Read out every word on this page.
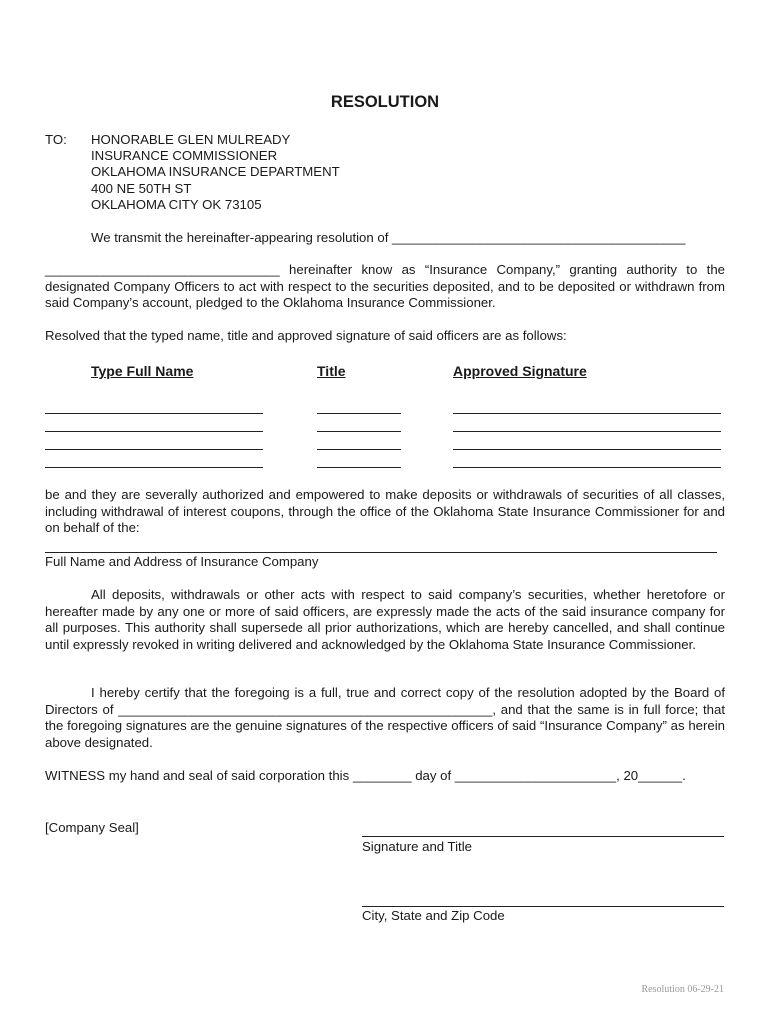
RESOLUTION
TO: HONORABLE GLEN MULREADY
INSURANCE COMMISSIONER
OKLAHOMA INSURANCE DEPARTMENT
400 NE 50TH ST
OKLAHOMA CITY OK 73105
We transmit the hereinafter-appearing resolution of ________________________________________
________________________________ hereinafter know as “Insurance Company,” granting authority to the designated Company Officers to act with respect to the securities deposited, and to be deposited or withdrawn from said Company’s account, pledged to the Oklahoma Insurance Commissioner.
Resolved that the typed name, title and approved signature of said officers are as follows:
Type Full Name	Title	Approved Signature
be and they are severally authorized and empowered to make deposits or withdrawals of securities of all classes, including withdrawal of interest coupons, through the office of the Oklahoma State Insurance Commissioner for and on behalf of the:
Full Name and Address of Insurance Company
All deposits, withdrawals or other acts with respect to said company’s securities, whether heretofore or hereafter made by any one or more of said officers, are expressly made the acts of the said insurance company for all purposes. This authority shall supersede all prior authorizations, which are hereby cancelled, and shall continue until expressly revoked in writing delivered and acknowledged by the Oklahoma State Insurance Commissioner.
I hereby certify that the foregoing is a full, true and correct copy of the resolution adopted by the Board of Directors of ___________________________________________________, and that the same is in full force; that the foregoing signatures are the genuine signatures of the respective officers of said “Insurance Company” as herein above designated.
WITNESS my hand and seal of said corporation this ________ day of ______________________, 20______.
[Company Seal]
Signature and Title
City, State and Zip Code
Resolution 06-29-21
